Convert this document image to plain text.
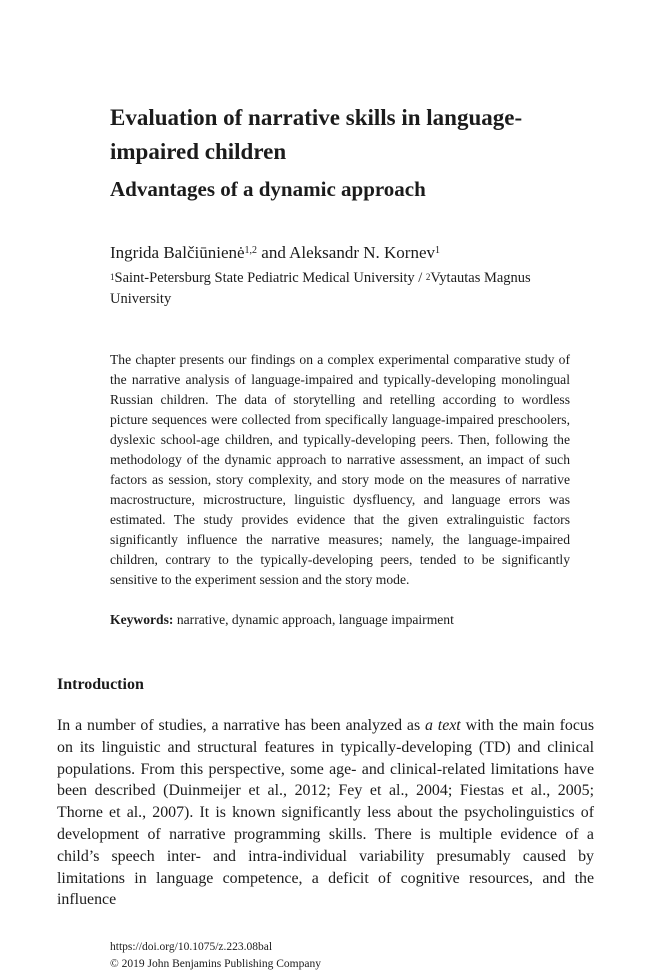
Evaluation of narrative skills in language-impaired children
Advantages of a dynamic approach
Ingrida Balčiūnienė$^{1,2}$ and Aleksandr N. Kornev$^1$
$^1$Saint-Petersburg State Pediatric Medical University / $^2$Vytautas Magnus University

The chapter presents our findings on a complex experimental comparative study of the narrative analysis of language-impaired and typically-developing monolingual Russian children. The data of storytelling and retelling according to wordless picture sequences were collected from specifically language-impaired preschoolers, dyslexic school-age children, and typically-developing peers. Then, following the methodology of the dynamic approach to narrative assessment, an impact of such factors as session, story complexity, and story mode on the measures of narrative macrostructure, microstructure, linguistic dysfluency, and language errors was estimated. The study provides evidence that the given extralinguistic factors significantly influence the narrative measures; namely, the language-impaired children, contrary to the typically-developing peers, tended to be significantly sensitive to the experiment session and the story mode.

Keywords: narrative, dynamic approach, language impairment
Introduction

In a number of studies, a narrative has been analyzed as a text with the main focus on its linguistic and structural features in typically-developing (TD) and clinical populations. From this perspective, some age- and clinical-related limitations have been described (Duinmeijer et al., 2012; Fey et al., 2004; Fiestas et al., 2005; Thorne et al., 2007). It is known significantly less about the psycholinguistics of development of narrative programming skills. There is multiple evidence of a child’s speech inter- and intra-individual variability presumably caused by limitations in language competence, a deficit of cognitive resources, and the influence

https://doi.org/10.1075/z.223.08bal
© 2019 John Benjamins Publishing Company
